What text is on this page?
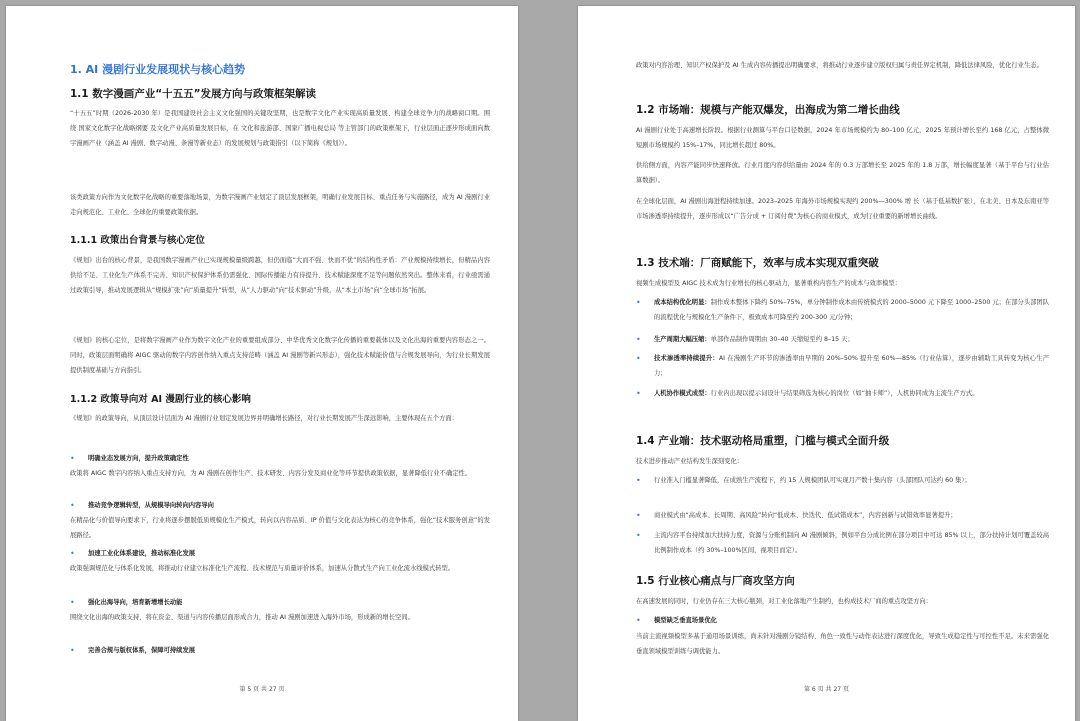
1. AI 漫剧行业发展现状与核心趋势
1.1 数字漫画产业“十五五”发展方向与政策框架解读
“十五五”时期（2026-2030 年）是我国建设社会主义文化强国的关键攻坚期，也是数字文化产业实现高质量发展、构建全球竞争力的战略窗口期。围绕 国家文化数字化战略纲要 及文化产业高质量发展目标，在 文化和旅游部、国家广播电视总局 等主管部门的政策框架下，行业层面正逐步形成面向数字漫画产业（涵盖 AI 漫剧、数字动漫、条漫等新业态）的发展规划与政策指引（以下简称《规划》）。
该类政策方向作为文化数字化战略的重要落地场景，为数字漫画产业划定了顶层发展框架，明确行业发展目标、重点任务与实施路径，成为 AI 漫剧行业走向规范化、工业化、全球化的重要政策依据。
1.1.1 政策出台背景与核心定位
《规划》出台的核心背景，是我国数字漫画产业已实现规模量级跨越，但仍面临“大而不强、快而不优”的结构性矛盾：产业规模持续增长，但精品内容供给不足、工业化生产体系不完善、知识产权保护体系仍需强化、国际传播能力有待提升、技术赋能深度不足等问题依然突出。整体来看，行业亟需通过政策引导，推动发展逻辑从“规模扩张”向“质量提升”转型，从“人力驱动”向“技术驱动”升级，从“本土市场”向“全球市场”拓展。
《规划》的核心定位，是将数字漫画产业作为数字文化产业的重要组成部分、中华优秀文化数字化传播的重要载体以及文化出海的重要内容形态之一。同时，政策层面明确将 AIGC 驱动的数字内容创作纳入重点支持范畴（涵盖 AI 漫剧等新兴形态），强化技术赋能价值与合规发展导向，为行业长期发展提供制度基础与方向指引。
1.1.2 政策导向对 AI 漫剧行业的核心影响
《规划》的政策导向，从顶层设计层面为 AI 漫剧行业划定发展边界并明确增长路径，对行业长期发展产生深远影响，主要体现在五个方面：
• 明确业态发展方向，提升政策确定性
政策将 AIGC 数字内容纳入重点支持方向，为 AI 漫剧在创作生产、技术研发、内容分发及商业化等环节提供政策依据，显著降低行业不确定性。
• 推动竞争逻辑转型，从规模导向转向内容导向
在精品化与价值导向要求下，行业将逐步摆脱低质规模化生产模式，转向以内容品质、IP 价值与文化表达为核心的竞争体系，强化“技术服务创意”的发展路径。
• 加速工业化体系建设，推动标准化发展
政策强调规范化与体系化发展，将推动行业建立标准化生产流程、技术规范与质量评价体系，加速从分散式生产向工业化流水线模式转型。
• 强化出海导向，培育新增增长动能
围绕文化出海的政策支持，将在资金、渠道与内容传播层面形成合力，推动 AI 漫剧加速进入海外市场，形成新的增长空间。
• 完善合规与版权体系，保障可持续发展
第 5 页 共 27 页
政策对内容治理、知识产权保护及 AI 生成内容传播提出明确要求，将推动行业逐步建立版权归属与责任界定机制，降低法律风险，优化行业生态。
1.2 市场端：规模与产能双爆发，出海成为第二增长曲线
AI 漫剧行业处于高速增长阶段。根据行业测算与平台口径数据，2024 年市场规模约为 80–100 亿元，2025 年预计增长至约 168 亿元，占整体微短剧市场规模约 15%–17%，同比增长超过 80%。
供给側方面，内容产能同步快速释放。行业月度内容供给量由 2024 年的 0.3 万部增长至 2025 年的 1.8 万部，增长幅度显著（基于平台与行业估算数据）。
在全球化层面，AI 漫剧出海进程持续加速。2023–2025 年海外市场规模实现约 200%—300% 增 长（基于低基数扩张），在北美、日本及东南亚等市场渗透率持续提升，逐步形成以“广告分成 + 订阅付费”为核心的商业模式，成为行业重要的新增增长曲线。
1.3 技术端：厂商赋能下，效率与成本实现双重突破
视频生成模型及 AIGC 技术成为行业增长的核心驱动力，显著重构内容生产的成本与效率模型：
• 成本结构优化明显：制作成本整体下降约 50%–75%，单分钟制作成本由传统模式的 2000–5000 元下降至 1000–2500 元；在部分头部团队的流程优化与规模化生产条件下，极致成本可降至约 200-300 元/分钟；
• 生产周期大幅压缩：单部作品制作周期由 30–40 天缩短至约 8–15 天；
• 技术渗透率持续提升：AI 在漫剧生产环节的渗透率由早期的 20%–50% 提升至 60%—85%（行业估算），逐步由辅助工具转变为核心生产力；
• 人机协作模式成型：行业内出现以提示词设计与结果筛选为核心的岗位（如“抽卡师”），人机协同成为主流生产方式。
1.4 产业端：技术驱动格局重塑，门槛与模式全面升级
技术进步推动产业结构发生深刻变化：
• 行业准入门槛显著降低，在成熟生产流程下，约 15 人规模团队可实现月产数十集内容（头部团队可达约 60 集）；
• 商业模式由“高成本、长周期、高风险”转向“低成本、快迭代、低试错成本”，内容创新与试错效率显著提升；
• 主流内容平台持续加大扶持力度，资源与分账机制向 AI 漫剧倾斜，例如平台分成比例在部分项目中可达 85% 以上，部分扶持计划可覆盖较高比例制作成本（约 30%–100%区间，视项目而定）。
1.5 行业核心痛点与厂商攻坚方向
在高速发展的同时，行业仍存在三大核心瓶颈，对工业化落地产生制约，也构成技术厂商的重点攻坚方向：
• 模型缺乏垂直场景优化
当前主流视频模型多基于通用场景训练，尚未针对漫剧分镜结构、角色一致性与动作表达进行深度优化，导致生成稳定性与可控性不足。未来需强化垂直领域模型训练与调优能力。
第 6 页 共 27 页
